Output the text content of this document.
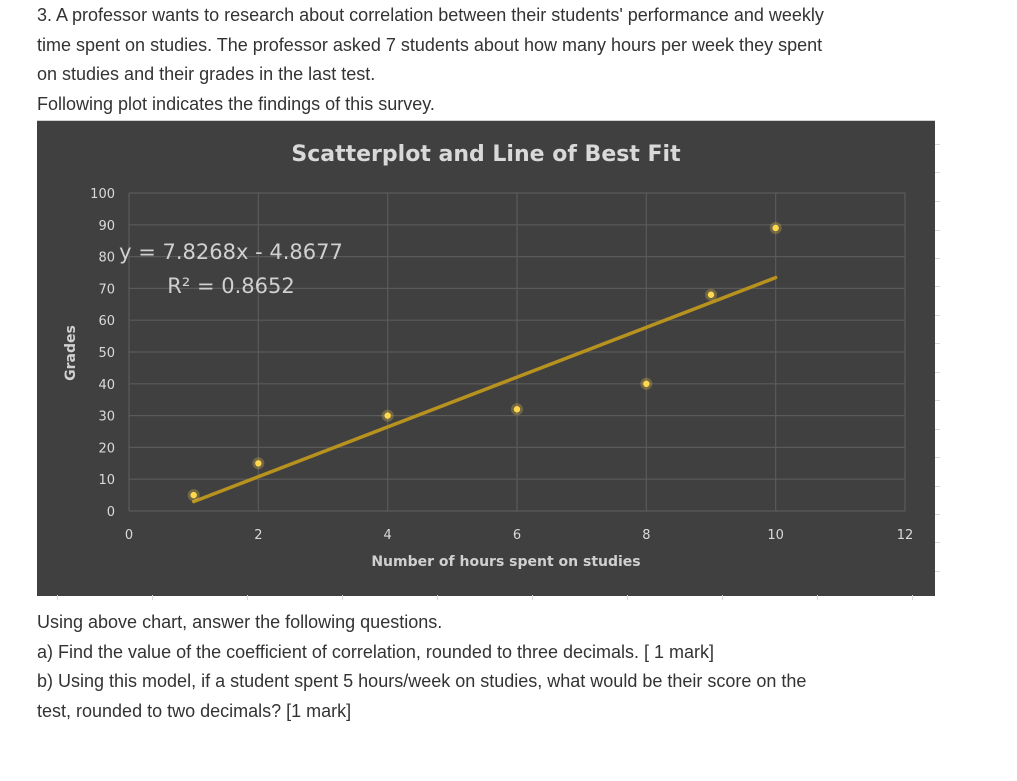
3. A professor wants to research about correlation between their students' performance and weekly
time spent on studies. The professor asked 7 students about how many hours per week they spent
on studies and their grades in the last test.
Following plot indicates the findings of this survey.
Scatterplot and Line of Best Fit
0
10
20
30
40
50
60
70
80
90
100
0	2	4	6	8	10	12
y = 7.8268x - 4.8677
R² = 0.8652
Number of hours spent on studies
Grades
Using above chart, answer the following questions.
a) Find the value of the coefficient of correlation, rounded to three decimals. [ 1 mark]
b) Using this model, if a student spent 5 hours/week on studies, what would be their score on the
test, rounded to two decimals? [1 mark]
